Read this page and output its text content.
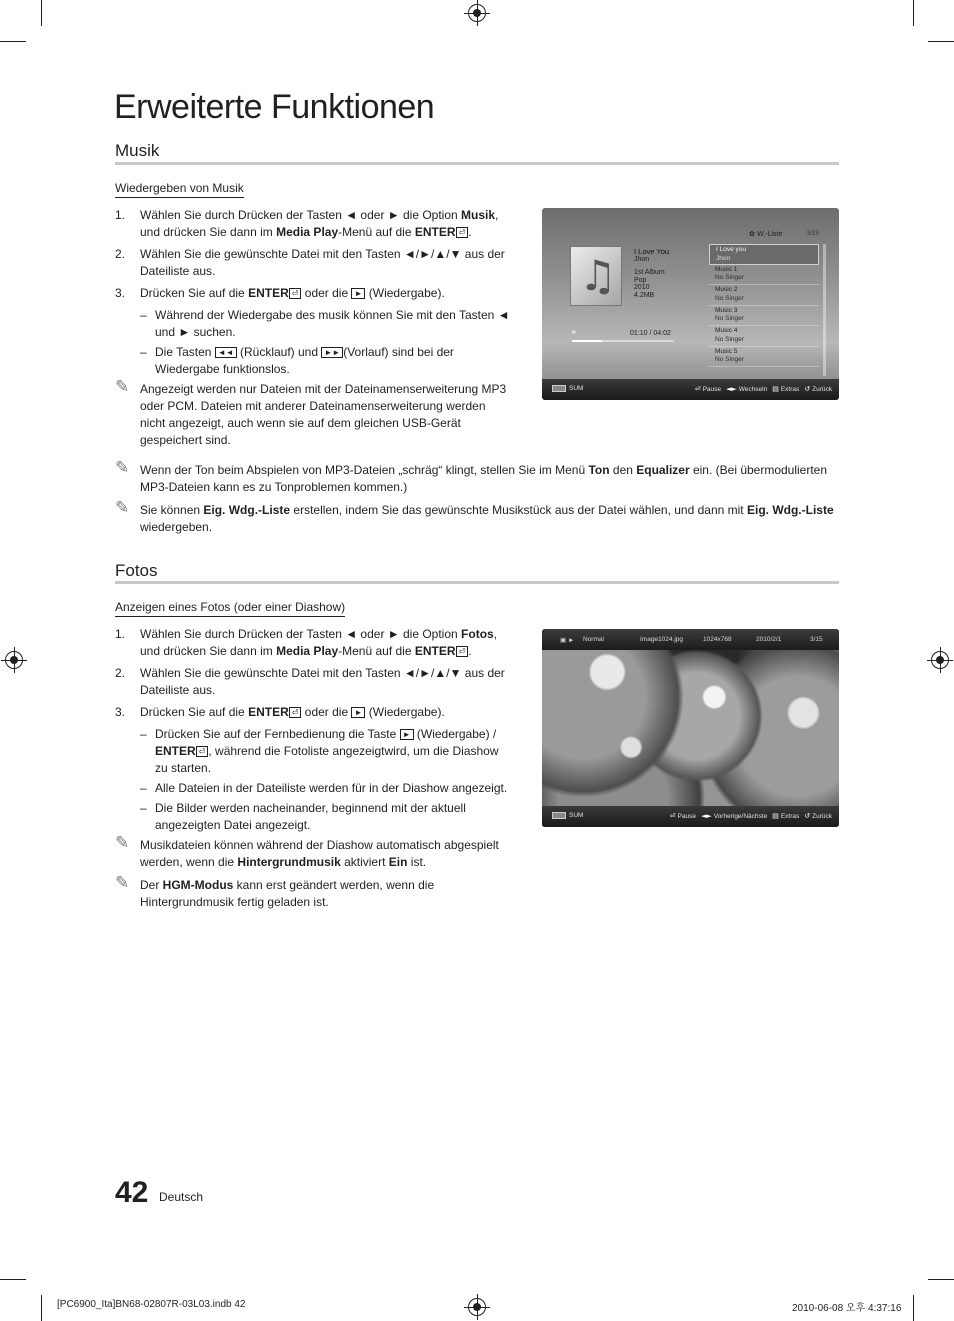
Erweiterte Funktionen
Musik
Wiedergeben von Musik
1. Wählen Sie durch Drücken der Tasten ◄ oder ► die Option Musik, und drücken Sie dann im Media Play-Menü auf die ENTER⏎ .
2. Wählen Sie die gewünschte Datei mit den Tasten ◄/►/▲/▼ aus der Dateiliste aus.
3. Drücken Sie auf die ENTER ⏎ oder die ► (Wiedergabe).
– Während der Wiedergabe des musik können Sie mit den Tasten ◄ und ► suchen.
– Die Tasten ◄◄ (Rücklauf) und ►► (Vorlauf) sind bei der Wiedergabe funktionslos.
✎ Angezeigt werden nur Dateien mit der Dateinamenserweiterung MP3 oder PCM. Dateien mit anderer Dateinamenserweiterung werden nicht angezeigt, auch wenn sie auf dem gleichen USB-Gerät gespeichert sind.
✎ Wenn der Ton beim Abspielen von MP3-Dateien „schräg“ klingt, stellen Sie im Menü Ton den Equalizer ein. (Bei übermodulierten MP3-Dateien kann es zu Tonproblemen kommen.)
✎ Sie können Eig. Wdg.-Liste erstellen, indem Sie das gewünschte Musikstück aus der Datei wählen, und dann mit Eig. Wdg.-Liste wiedergeben.
♫ I Love You
Jhon
1st Album
Pop
2010
4.2MB
►	01:10 / 04:02
✿ W.-Liste	3/15
I Love you
Jhon
Music 1
No Singer
Music 2
No Singer
Music 3
No Singer
Music 4
No Singer
Music 5
No Singer
SUM	⏎ Pause ◄► Wechseln ▤ Extras ↺ Zurück
Fotos
Anzeigen eines Fotos (oder einer Diashow)
1. Wählen Sie durch Drücken der Tasten ◄ oder ► die Option Fotos, und drücken Sie dann im Media Play-Menü auf die ENTER⏎ .
2. Wählen Sie die gewünschte Datei mit den Tasten ◄/►/▲/▼ aus der Dateiliste aus.
3. Drücken Sie auf die ENTER ⏎ oder die ► (Wiedergabe).
– Drücken Sie auf der Fernbedienung die Taste ► (Wiedergabe) / ENTER ⏎ , während die Fotoliste angezeigtwird, um die Diashow zu starten.
– Alle Dateien in der Dateiliste werden für in der Diashow angezeigt.
– Die Bilder werden nacheinander, beginnend mit der aktuell angezeigten Datei angezeigt.
✎ Musikdateien können während der Diashow automatisch abgespielt werden, wenn die Hintergrundmusik aktiviert Ein ist.
✎ Der HGM-Modus kann erst geändert werden, wenn die Hintergrundmusik fertig geladen ist.
▣ ► Normal	Image1024.jpg	1024x768	2010/2/1	3/15
SUM	⏎ Pause ◄► Vorherige/Nächste ▤ Extras ↺ Zurück
42 Deutsch
[PC6900_Ita]BN68-02807R-03L03.indb 42	2010-06-08 오후 4:37:16
